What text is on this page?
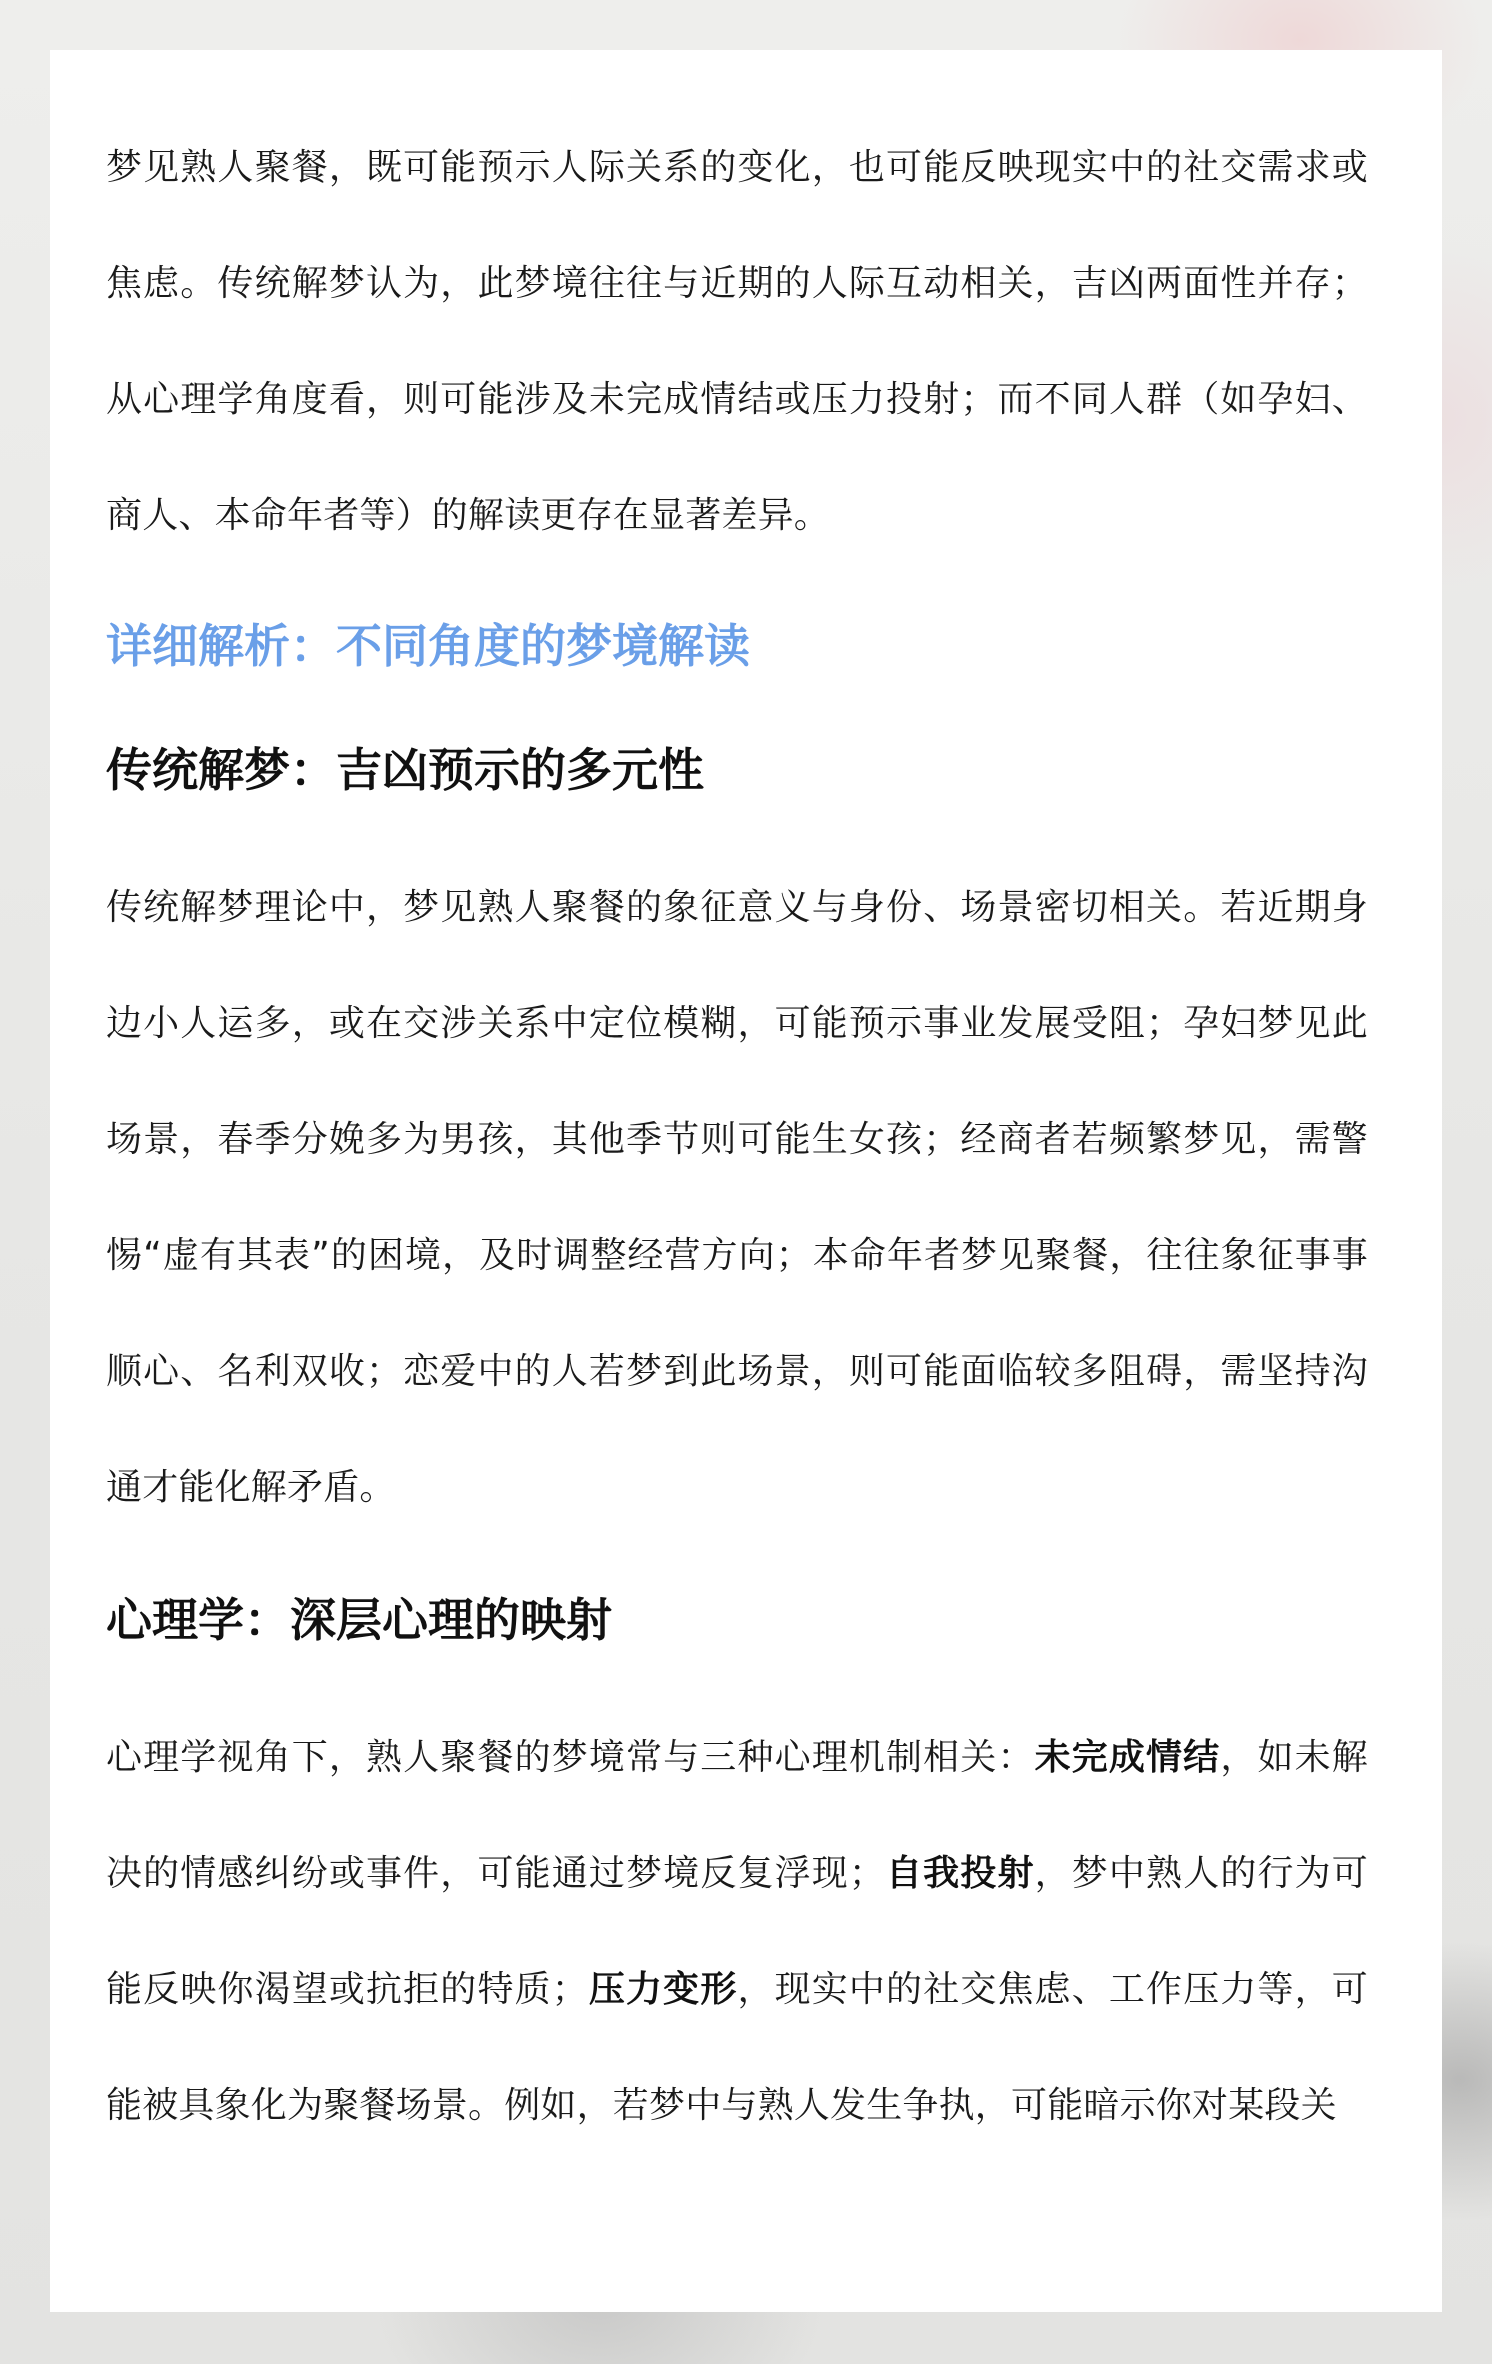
梦见熟人聚餐，既可能预示人际关系的变化，也可能反映现实中的社交需求或焦虑。传统解梦认为，此梦境往往与近期的人际互动相关，吉凶两面性并存；从心理学角度看，则可能涉及未完成情结或压力投射；而不同人群（如孕妇、商人、本命年者等）的解读更存在显著差异。

详细解析：不同角度的梦境解读
传统解梦：吉凶预示的多元性

传统解梦理论中，梦见熟人聚餐的象征意义与身份、场景密切相关。若近期身边小人运多，或在交涉关系中定位模糊，可能预示事业发展受阻；孕妇梦见此场景，春季分娩多为男孩，其他季节则可能生女孩；经商者若频繁梦见，需警惕“虚有其表”的困境，及时调整经营方向；本命年者梦见聚餐，往往象征事事顺心、名利双收；恋爱中的人若梦到此场景，则可能面临较多阻碍，需坚持沟通才能化解矛盾。

心理学：深层心理的映射

心理学视角下，熟人聚餐的梦境常与三种心理机制相关：未完成情结，如未解决的情感纠纷或事件，可能通过梦境反复浮现；自我投射，梦中熟人的行为可能反映你渴望或抗拒的特质；压力变形，现实中的社交焦虑、工作压力等，可能被具象化为聚餐场景。例如，若梦中与熟人发生争执，可能暗示你对某段关
